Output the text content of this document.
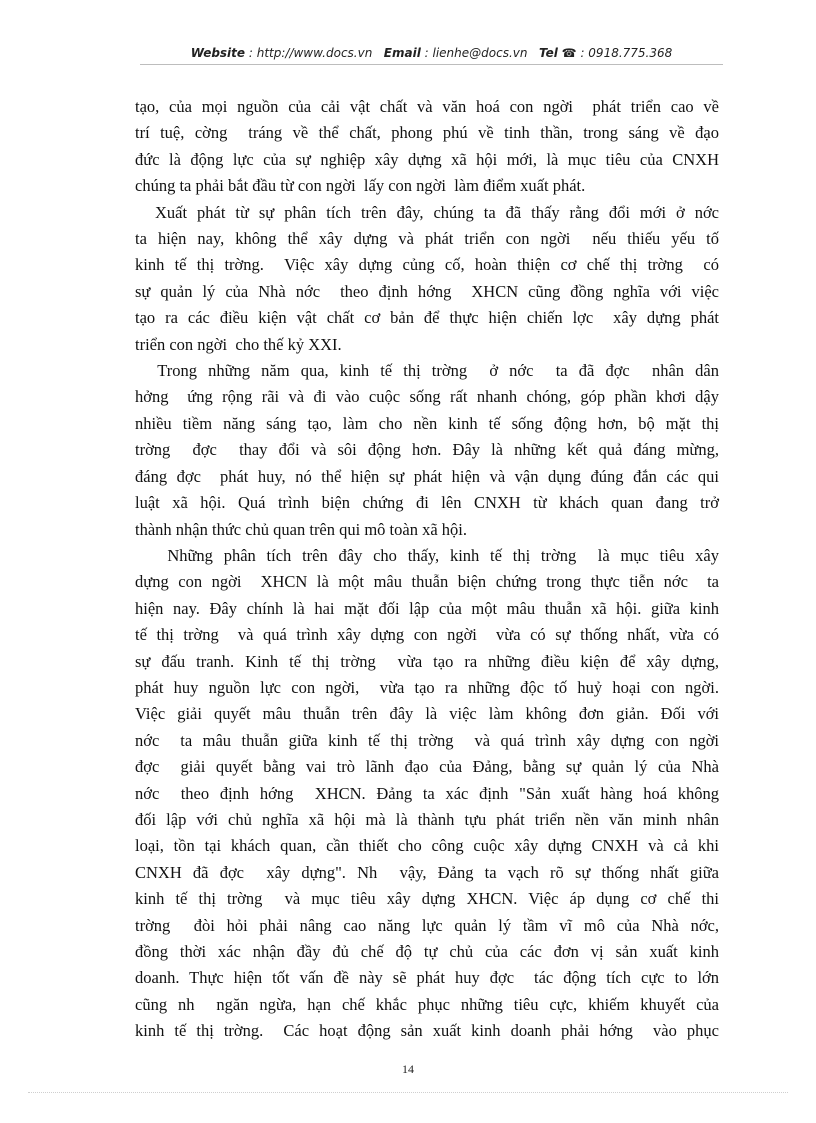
Website : http://www.docs.vn Email : lienhe@docs.vn Tel ☎ : 0918.775.368

tạo, của mọi nguồn của cải vật chất và văn hoá con ngời  phát triển cao về

trí tuệ, cờng  tráng về thể chất, phong phú về tinh thần, trong sáng về đạo

đức là động lực của sự nghiệp xây dựng xã hội mới, là mục tiêu của CNXH

chúng ta phải bắt đầu từ con ngời  lấy con ngời  làm điểm xuất phát.

Xuất phát từ sự phân tích trên đây, chúng ta đã thấy rằng đổi mới ở nớc

ta hiện nay, không thể xây dựng và phát triển con ngời  nếu thiếu yếu tố

kinh tế thị trờng.  Việc xây dựng củng cố, hoàn thiện cơ chế thị trờng  có

sự quản lý của Nhà nớc  theo định hớng  XHCN cũng đồng nghĩa với việc

tạo ra các điều kiện vật chất cơ bản để thực hiện chiến lợc  xây dựng phát

triển con ngời  cho thế kỷ XXI.

Trong những năm qua, kinh tế thị trờng  ở nớc  ta đã đợc  nhân dân

hởng  ứng rộng rãi và đi vào cuộc sống rất nhanh chóng, góp phần khơi dậy

nhiều tiềm năng sáng tạo, làm cho nền kinh tế sống động hơn, bộ mặt thị

trờng  đợc  thay đổi và sôi động hơn. Đây là những kết quả đáng mừng,

đáng đợc  phát huy, nó thể hiện sự phát hiện và vận dụng đúng đắn các qui

luật xã hội. Quá trình biện chứng đi lên CNXH từ khách quan đang trở

thành nhận thức chủ quan trên qui mô toàn xã hội.

Những phân tích trên đây cho thấy, kinh tế thị trờng  là mục tiêu xây

dựng con ngời  XHCN là một mâu thuẫn biện chứng trong thực tiễn nớc  ta

hiện nay. Đây chính là hai mặt đối lập của một mâu thuẫn xã hội. giữa kinh

tế thị trờng  và quá trình xây dựng con ngời  vừa có sự thống nhất, vừa có

sự đấu tranh. Kinh tế thị trờng  vừa tạo ra những điều kiện để xây dựng,

phát huy nguồn lực con ngời,  vừa tạo ra những độc tố huỷ hoại con ngời.

Việc giải quyết mâu thuẫn trên đây là việc làm không đơn giản. Đối với

nớc  ta mâu thuẫn giữa kinh tế thị trờng  và quá trình xây dựng con ngời

đợc  giải quyết bằng vai trò lãnh đạo của Đảng, bằng sự quản lý của Nhà

nớc  theo định hớng  XHCN. Đảng ta xác định "Sản xuất hàng hoá không

đối lập với chủ nghĩa xã hội mà là thành tựu phát triển nền văn minh nhân

loại, tồn tại khách quan, cần thiết cho công cuộc xây dựng CNXH và cả khi

CNXH đã đợc  xây dựng". Nh  vậy, Đảng ta vạch rõ sự thống nhất giữa

kinh tế thị trờng  và mục tiêu xây dựng XHCN. Việc áp dụng cơ chế thi

trờng  đòi hỏi phải nâng cao năng lực quản lý tầm vĩ mô của Nhà nớc,

đồng thời xác nhận đầy đủ chế độ tự chủ của các đơn vị sản xuất kinh

doanh. Thực hiện tốt vấn đề này sẽ phát huy đợc  tác động tích cực to lớn

cũng nh  ngăn ngừa, hạn chế khắc phục những tiêu cực, khiếm khuyết của

kinh tế thị trờng.  Các hoạt động sản xuất kinh doanh phải hớng  vào phục

14
